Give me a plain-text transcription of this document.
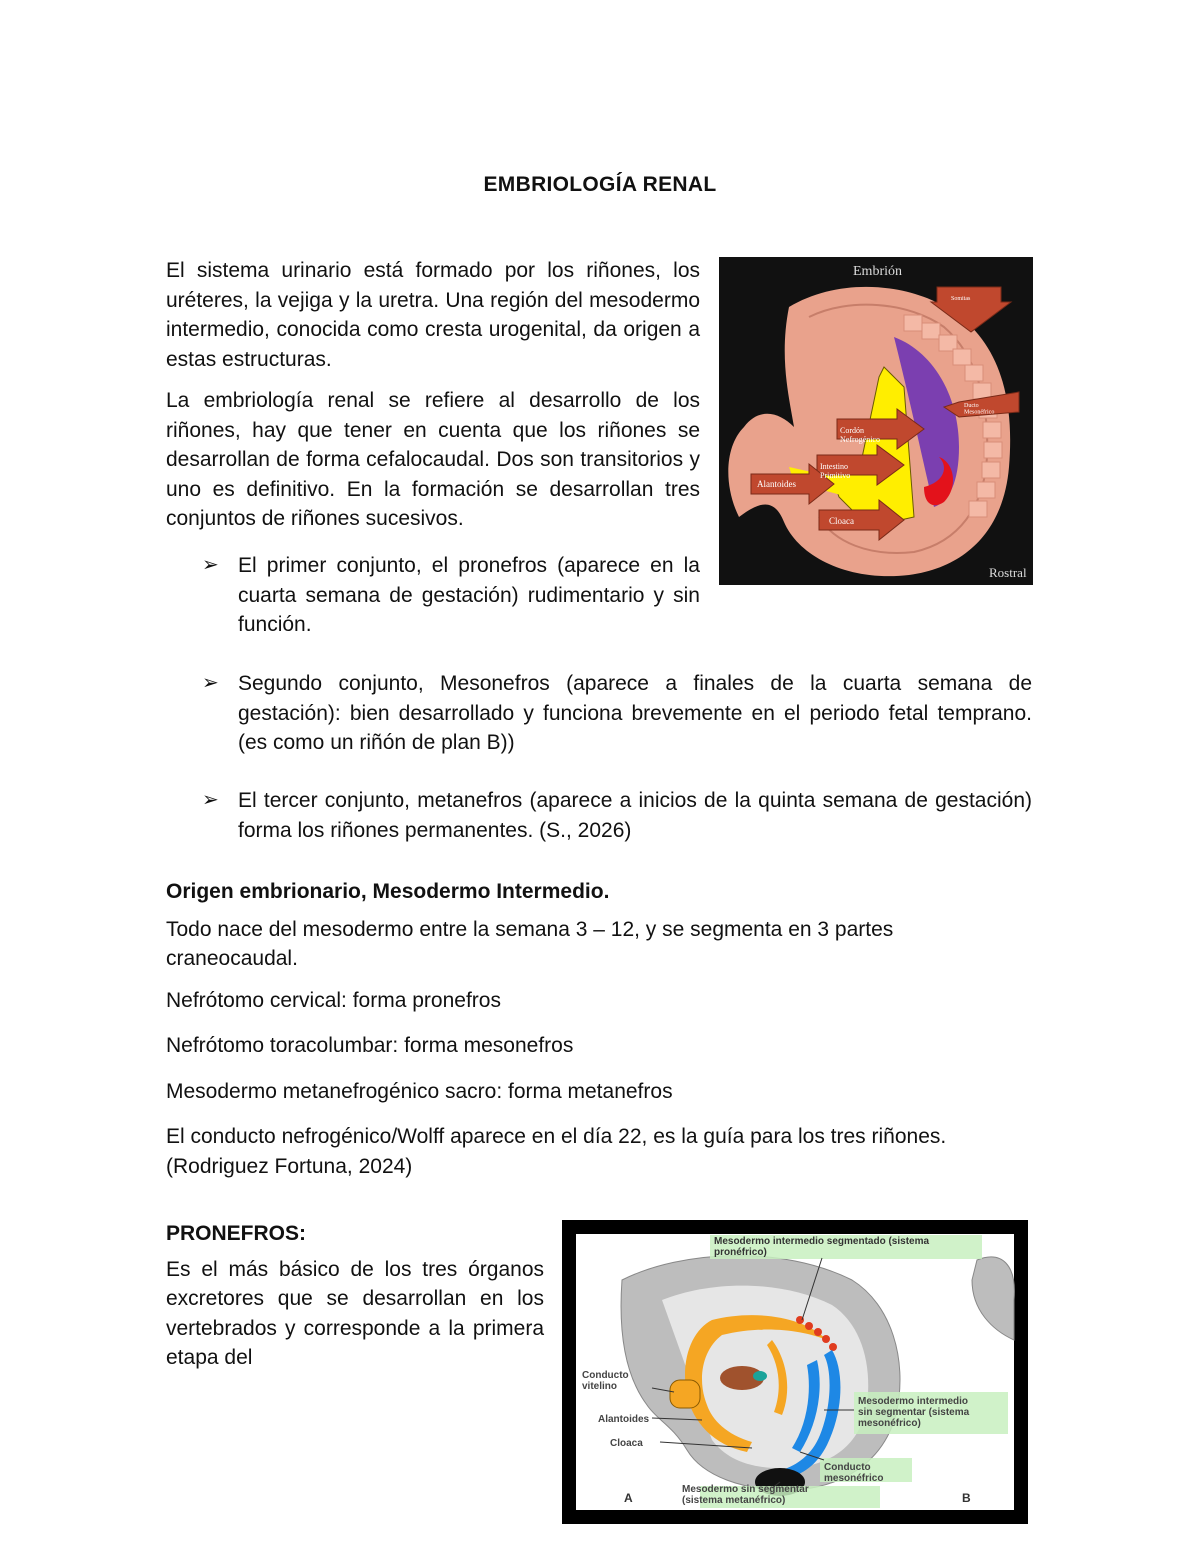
EMBRIOLOGÍA RENAL

El sistema urinario está formado por los riñones, los uréteres, la vejiga y la uretra. Una región del mesodermo intermedio, conocida como cresta urogenital, da origen a estas estructuras.

La embriología renal se refiere al desarrollo de los riñones, hay que tener en cuenta que los riñones se desarrollan de forma cefalocaudal. Dos son transitorios y uno es definitivo. En la formación se desarrollan tres conjuntos de riñones sucesivos.

Embrión
Somitas
Ducto Mesonéfrico
Cordón Nefrogénico
Intestino Primitivo
Alantoides
Cloaca
Rostral
➢ El primer conjunto, el pronefros (aparece en la cuarta semana de gestación) rudimentario y sin función.
➢ Segundo conjunto, Mesonefros (aparece a finales de la cuarta semana de gestación): bien desarrollado y funciona brevemente en el periodo fetal temprano. (es como un riñón de plan B))
➢ El tercer conjunto, metanefros (aparece a inicios de la quinta semana de gestación) forma los riñones permanentes. (S., 2026)
Origen embrionario, Mesodermo Intermedio.

Todo nace del mesodermo entre la semana 3 – 12, y se segmenta en 3 partes craneocaudal.

Nefrótomo cervical: forma pronefros

Nefrótomo toracolumbar: forma mesonefros

Mesodermo metanefrogénico sacro: forma metanefros

El conducto nefrogénico/Wolff aparece en el día 22, es la guía para los tres riñones. (Rodriguez Fortuna, 2024)

PRONEFROS:

Es el más básico de los tres órganos excretores que se desarrollan en los vertebrados y corresponde a la primera etapa del

Mesodermo intermedio segmentado (sistema pronéfrico)
Conducto vitelino
Alantoides
Cloaca
Mesodermo intermedio sin segmentar (sistema mesonéfrico)
Conducto mesonéfrico
Mesodermo sin segmentar (sistema metanéfrico)
A	B
